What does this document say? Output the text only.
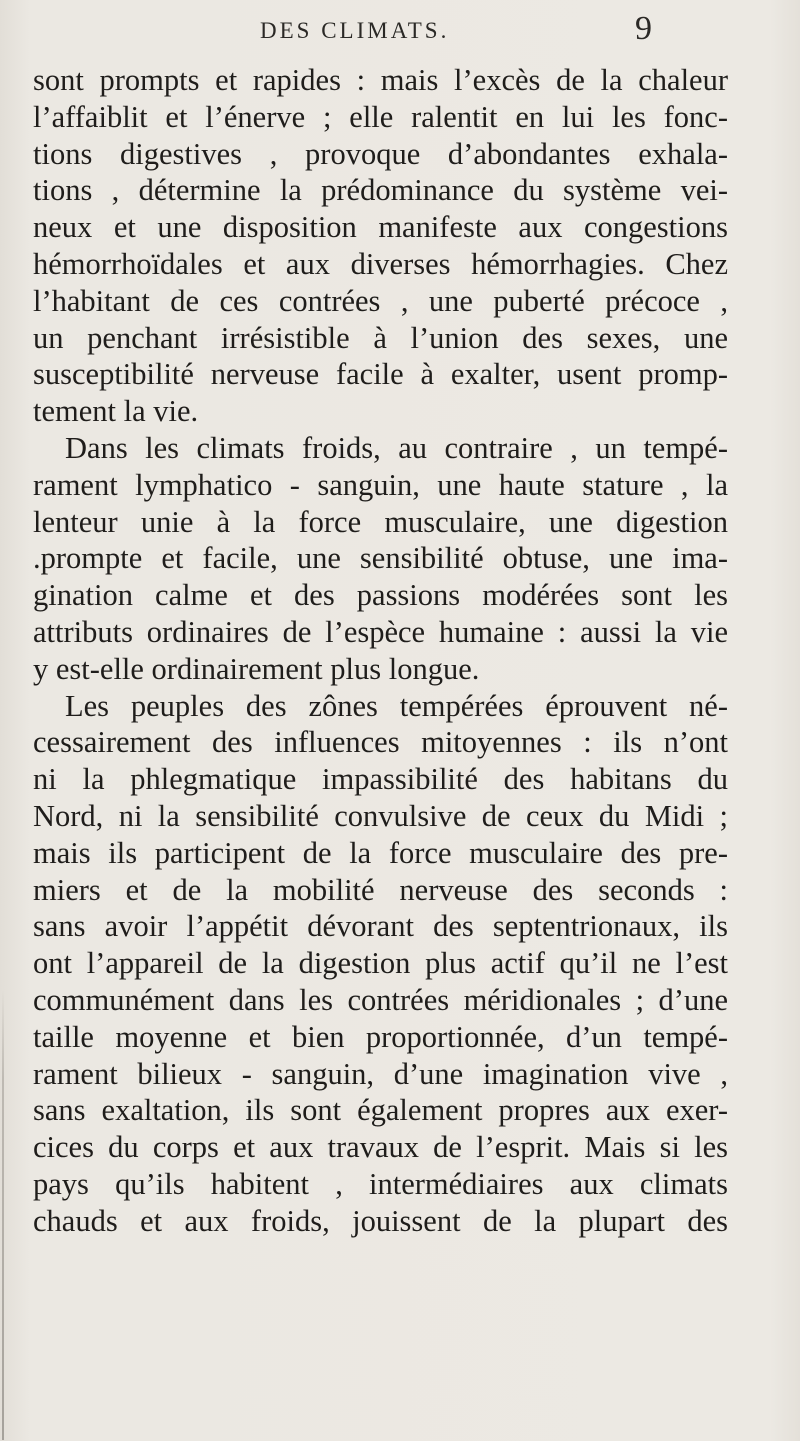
DES CLIMATS.	9
sont prompts et rapides : mais l’excès de la chaleur
l’affaiblit et l’énerve ; elle ralentit en lui les fonc-
tions digestives , provoque d’abondantes exhala-
tions , détermine la prédominance du système vei-
neux et une disposition manifeste aux congestions
hémorrhoïdales et aux diverses hémorrhagies. Chez
l’habitant de ces contrées , une puberté précoce ,
un penchant irrésistible à l’union des sexes, une
susceptibilité nerveuse facile à exalter, usent promp-
tement la vie.
Dans les climats froids, au contraire , un tempé-
rament lymphatico - sanguin, une haute stature , la
lenteur unie à la force musculaire, une digestion
.prompte et facile, une sensibilité obtuse, une ima-
gination calme et des passions modérées sont les
attributs ordinaires de l’espèce humaine : aussi la vie
y est-elle ordinairement plus longue.
Les peuples des zônes tempérées éprouvent né-
cessairement des influences mitoyennes : ils n’ont
ni la phlegmatique impassibilité des habitans du
Nord, ni la sensibilité convulsive de ceux du Midi ;
mais ils participent de la force musculaire des pre-
miers et de la mobilité nerveuse des seconds :
sans avoir l’appétit dévorant des septentrionaux, ils
ont l’appareil de la digestion plus actif qu’il ne l’est
communément dans les contrées méridionales ; d’une
taille moyenne et bien proportionnée, d’un tempé-
rament bilieux - sanguin, d’une imagination vive ,
sans exaltation, ils sont également propres aux exer-
cices du corps et aux travaux de l’esprit. Mais si les
pays qu’ils habitent , intermédiaires aux climats
chauds et aux froids, jouissent de la plupart des
